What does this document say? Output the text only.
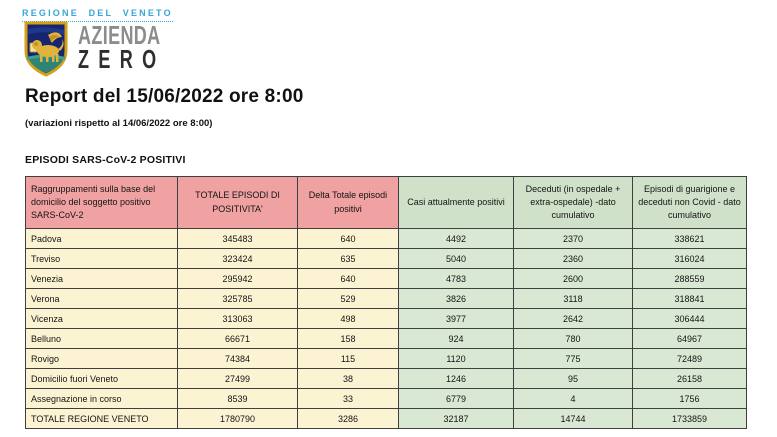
REGIONE DEL VENETO
AZIENDA
ZERO
Report del 15/06/2022 ore 8:00
(variazioni rispetto al 14/06/2022 ore 8:00)
EPISODI SARS-CoV-2 POSITIVI
Raggruppamenti sulla base del domicilio del soggetto positivo SARS-CoV-2	TOTALE EPISODI DI POSITIVITA'	Delta Totale episodi positivi	Casi attualmente positivi	Deceduti (in ospedale + extra-ospedale) -dato cumulativo	Episodi di guarigione e deceduti non Covid - dato cumulativo
Padova	345483	640	4492	2370	338621
Treviso	323424	635	5040	2360	316024
Venezia	295942	640	4783	2600	288559
Verona	325785	529	3826	3118	318841
Vicenza	313063	498	3977	2642	306444
Belluno	66671	158	924	780	64967
Rovigo	74384	115	1120	775	72489
Domicilio fuori Veneto	27499	38	1246	95	26158
Assegnazione in corso	8539	33	6779	4	1756
TOTALE REGIONE VENETO	1780790	3286	32187	14744	1733859
